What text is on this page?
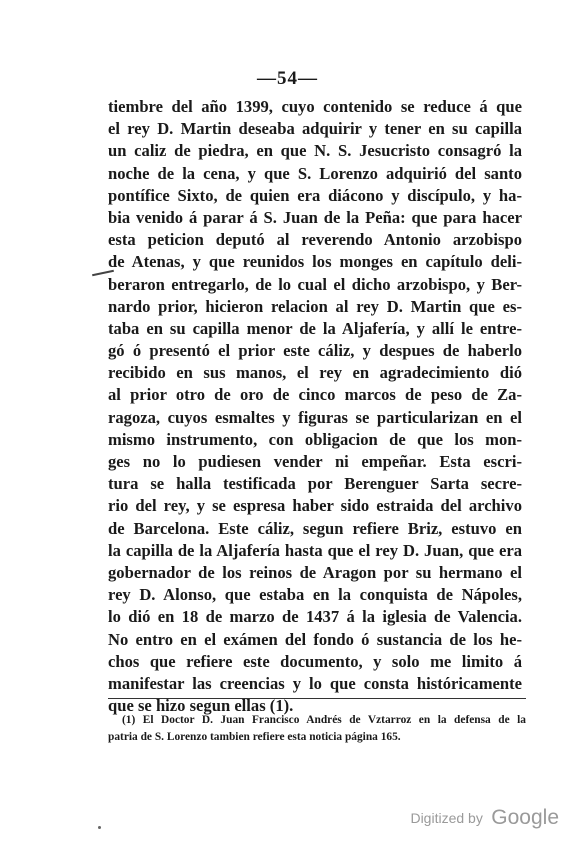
—54—
tiembre del año 1399, cuyo contenido se reduce á que
el rey D. Martin deseaba adquirir y tener en su capilla
un caliz de piedra, en que N. S. Jesucristo consagró la
noche de la cena, y que S. Lorenzo adquirió del santo
pontífice Sixto, de quien era diácono y discípulo, y ha-
bia venido á parar á S. Juan de la Peña: que para hacer
esta peticion deputó al reverendo Antonio arzobispo
de Atenas, y que reunidos los monges en capítulo deli-
beraron entregarlo, de lo cual el dicho arzobispo, y Ber-
nardo prior, hicieron relacion al rey D. Martin que es-
taba en su capilla menor de la Aljafería, y allí le entre-
gó ó presentó el prior este cáliz, y despues de haberlo
recibido en sus manos, el rey en agradecimiento dió
al prior otro de oro de cinco marcos de peso de Za-
ragoza, cuyos esmaltes y figuras se particularizan en el
mismo instrumento, con obligacion de que los mon-
ges no lo pudiesen vender ni empeñar. Esta escri-
tura se halla testificada por Berenguer Sarta secre-
rio del rey, y se espresa haber sido estraida del archivo
de Barcelona. Este cáliz, segun refiere Briz, estuvo en
la capilla de la Aljafería hasta que el rey D. Juan, que era
gobernador de los reinos de Aragon por su hermano el
rey D. Alonso, que estaba en la conquista de Nápoles,
lo dió en 18 de marzo de 1437 á la iglesia de Valencia.
No entro en el exámen del fondo ó sustancia de los he-
chos que refiere este documento, y solo me limito á
manifestar las creencias y lo que consta históricamente
que se hizo segun ellas (1).
(1) El Doctor D. Juan Francisco Andrés de Vztarroz en la defensa de la
patria de S. Lorenzo tambien refiere esta noticia página 165.
Digitized by Google
